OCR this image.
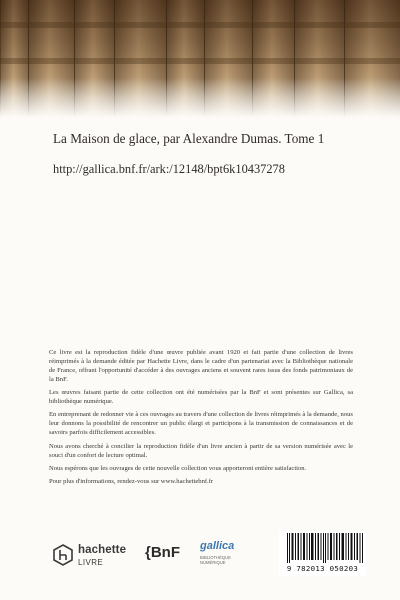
La Maison de glace, par Alexandre Dumas. Tome 1
http://gallica.bnf.fr/ark:/12148/bpt6k10437278

Ce livre est la reproduction fidèle d'une œuvre publiée avant 1920 et fait partie d'une collection de livres réimprimés à la demande éditée par Hachette Livre, dans le cadre d'un partenariat avec la Bibliothèque nationale de France, offrant l'opportunité d'accéder à des ouvrages anciens et souvent rares issus des fonds patrimoniaux de la BnF.

Les œuvres faisant partie de cette collection ont été numérisées par la BnF et sont présentes sur Gallica, sa bibliothèque numérique.

En entreprenant de redonner vie à ces ouvrages au travers d'une collection de livres réimprimés à la demande, nous leur donnons la possibilité de rencontrer un public élargi et participons à la transmission de connaissances et de savoirs parfois difficilement accessibles.

Nous avons cherché à concilier la reproduction fidèle d'un livre ancien à partir de sa version numérisée avec le souci d'un confort de lecture optimal.

Nous espérons que les ouvrages de cette nouvelle collection vous apporteront entière satisfaction.

Pour plus d'informations, rendez-vous sur www.hachettebnf.fr

hachette
LIVRE
{BnF gallica
BIBLIOTHÈQUE NUMÉRIQUE
9 782013 050203
